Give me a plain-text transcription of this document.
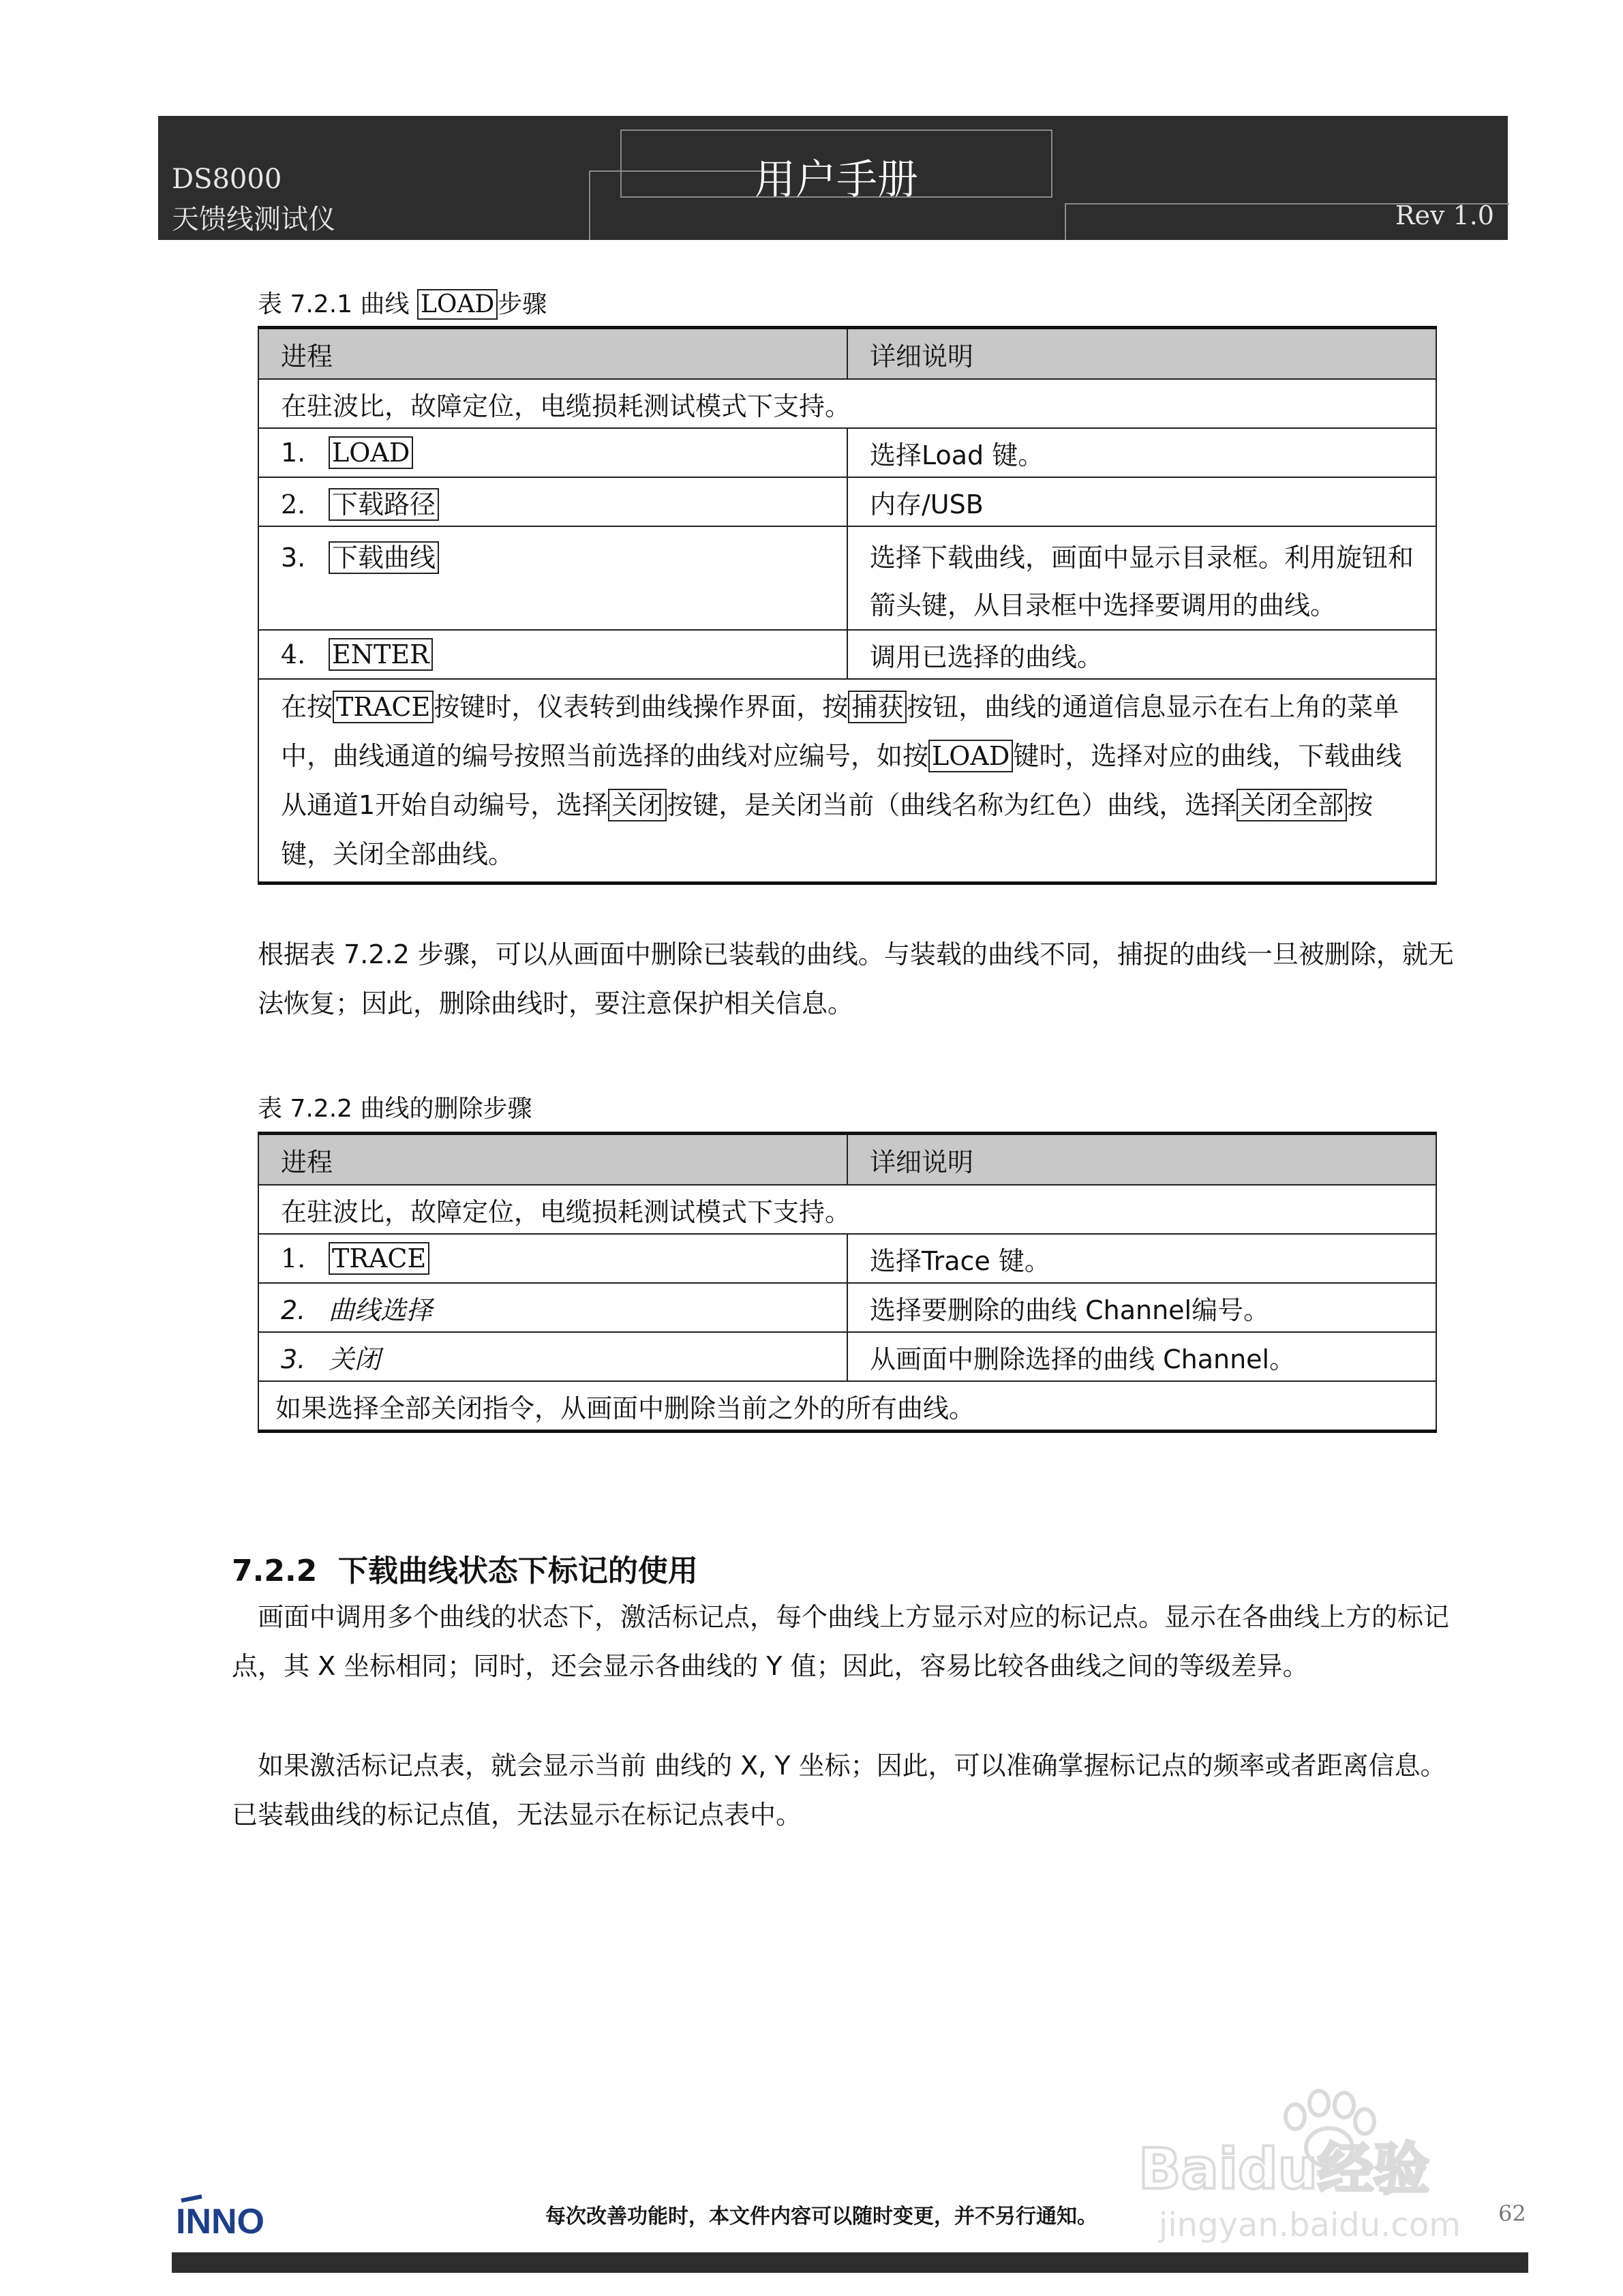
DS8000
天馈线测试仪
用户手册
Rev 1.0
表 7.2.1 曲线 LOAD 步骤
进程	详细说明
在驻波比，故障定位，电缆损耗测试模式下支持。	
1. LOAD	选择Load 键。
2. 下载路径	内存/USB
3. 下载曲线	选择下载曲线，画面中显示目录框。利用旋钮和箭头键，从目录框中选择要调用的曲线。
4. ENTER	调用已选择的曲线。
在按 TRACE 按键时，仪表转到曲线操作界面，按 捕获 按钮，曲线的通道信息显示在右上角的菜单中，曲线通道的编号按照当前选择的曲线对应编号，如按 LOAD 键时，选择对应的曲线，下载曲线从通道1开始自动编号，选择 关闭 按键，是关闭当前（曲线名称为红色）曲线，选择 关闭全部 按键，关闭全部曲线。	
根据表 7.2.2 步骤，可以从画面中删除已装载的曲线。与装载的曲线不同，捕捉的曲线一旦被删除，就无法恢复；因此，删除曲线时，要注意保护相关信息。
表 7.2.2 曲线的删除步骤
进程	详细说明
在驻波比，故障定位，电缆损耗测试模式下支持。	
1. TRACE	选择Trace 键。
2. 曲线选择	选择要删除的曲线 Channel编号。
3. 关闭	从画面中删除选择的曲线 Channel。
如果选择全部关闭指令，从画面中删除当前之外的所有曲线。	
7.2.2 下载曲线状态下标记的使用
画面中调用多个曲线的状态下，激活标记点，每个曲线上方显示对应的标记点。显示在各曲线上方的标记点，其 X 坐标相同；同时，还会显示各曲线的 Y 值；因此，容易比较各曲线之间的等级差异。
如果激活标记点表，就会显示当前 曲线的 X, Y 坐标；因此，可以准确掌握标记点的频率或者距离信息。已装载曲线的标记点值，无法显示在标记点表中。
Baidu经验
jingyan.baidu.com
INNO	每次改善功能时，本文件内容可以随时变更，并不另行通知。	62
